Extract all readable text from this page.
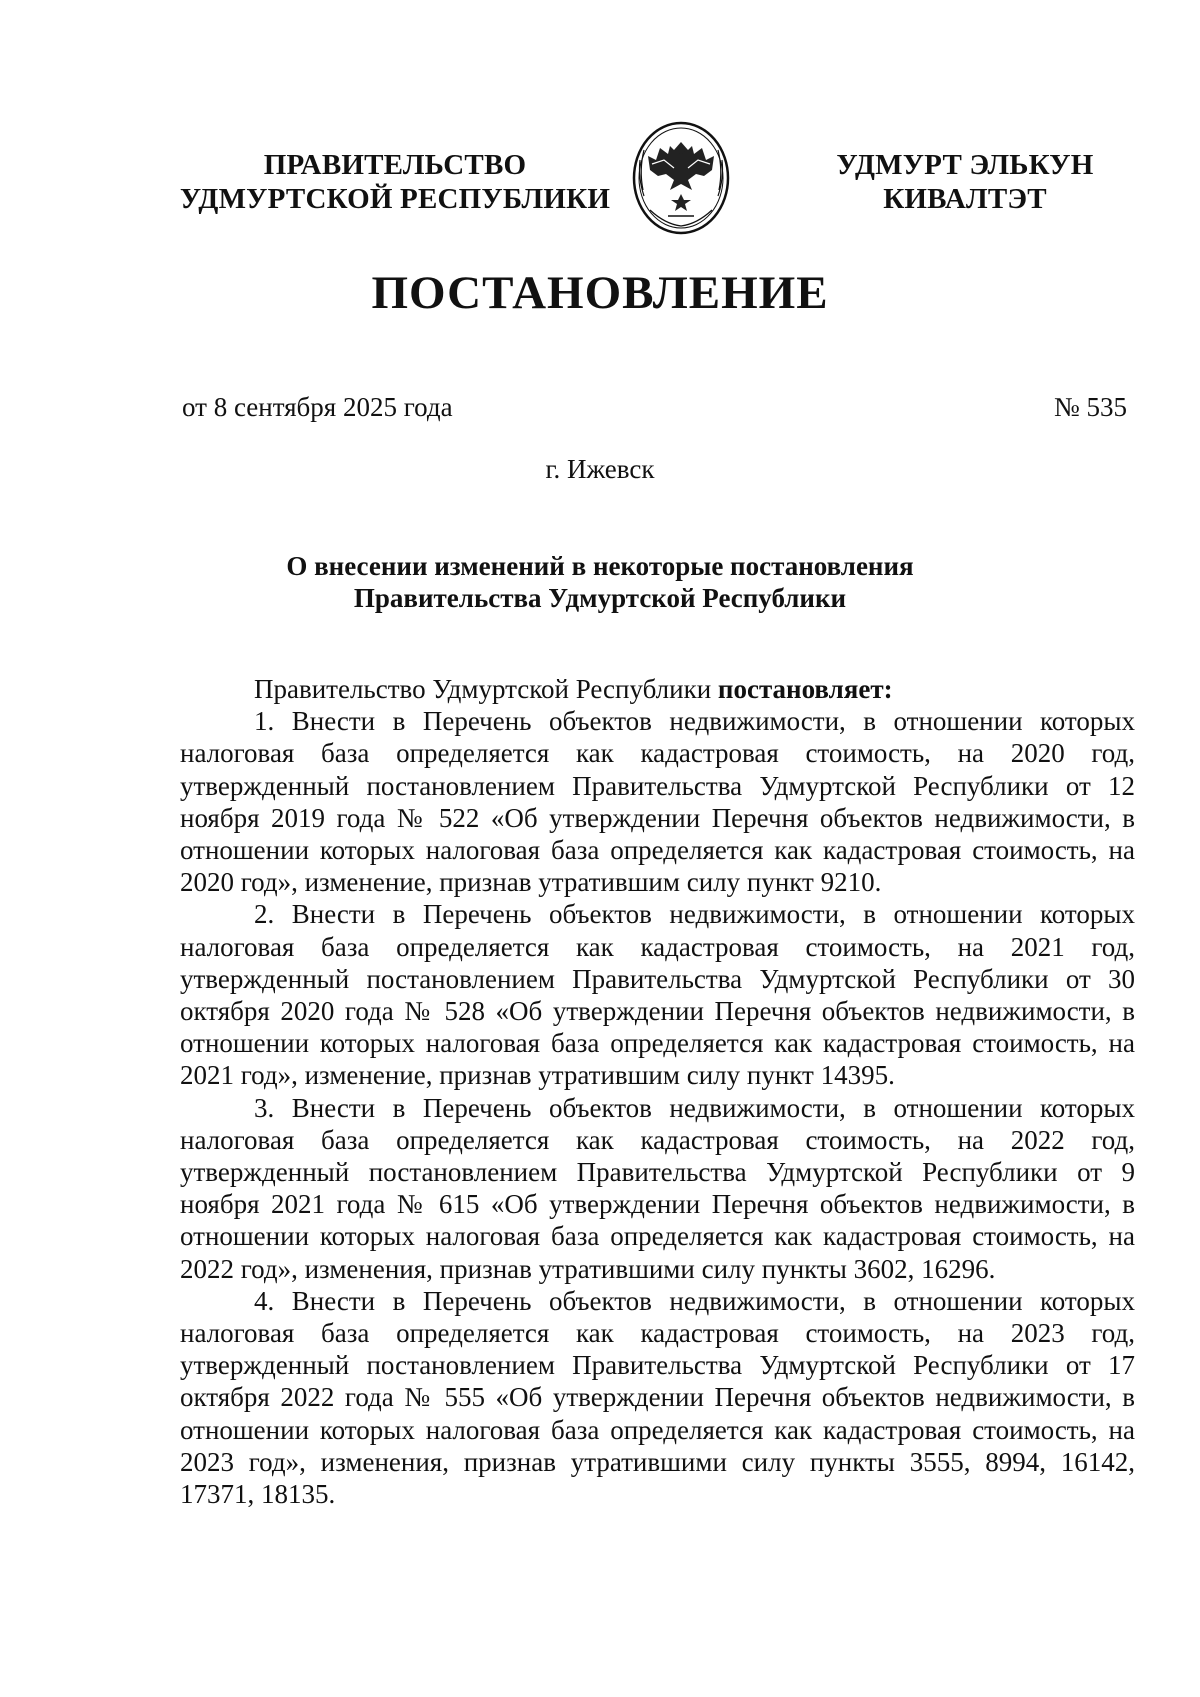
ПРАВИТЕЛЬСТВО
УДМУРТСКОЙ РЕСПУБЛИКИ
УДМУРТ ЭЛЬКУН
КИВАЛТЭТ
ПОСТАНОВЛЕНИЕ
от 8 сентября 2025 года	№ 535
г. Ижевск
О внесении изменений в некоторые постановления
Правительства Удмуртской Республики

Правительство Удмуртской Республики постановляет:

1. Внести в Перечень объектов недвижимости, в отношении которых налоговая база определяется как кадастровая стоимость, на 2020 год, утвержденный постановлением Правительства Удмуртской Республики от 12 ноября 2019 года № 522 «Об утверждении Перечня объектов недвижимости, в отношении которых налоговая база определяется как кадастровая стоимость, на 2020 год», изменение, признав утратившим силу пункт 9210.

2. Внести в Перечень объектов недвижимости, в отношении которых налоговая база определяется как кадастровая стоимость, на 2021 год, утвержденный постановлением Правительства Удмуртской Республики от 30 октября 2020 года № 528 «Об утверждении Перечня объектов недвижимости, в отношении которых налоговая база определяется как кадастровая стоимость, на 2021 год», изменение, признав утратившим силу пункт 14395.

3. Внести в Перечень объектов недвижимости, в отношении которых налоговая база определяется как кадастровая стоимость, на 2022 год, утвержденный постановлением Правительства Удмуртской Республики от 9 ноября 2021 года № 615 «Об утверждении Перечня объектов недвижимости, в отношении которых налоговая база определяется как кадастровая стоимость, на 2022 год», изменения, признав утратившими силу пункты 3602, 16296.

4. Внести в Перечень объектов недвижимости, в отношении которых налоговая база определяется как кадастровая стоимость, на 2023 год, утвержденный постановлением Правительства Удмуртской Республики от 17 октября 2022 года № 555 «Об утверждении Перечня объектов недвижимости, в отношении которых налоговая база определяется как кадастровая стоимость, на 2023 год», изменения, признав утратившими силу пункты 3555, 8994, 16142, 17371, 18135.
